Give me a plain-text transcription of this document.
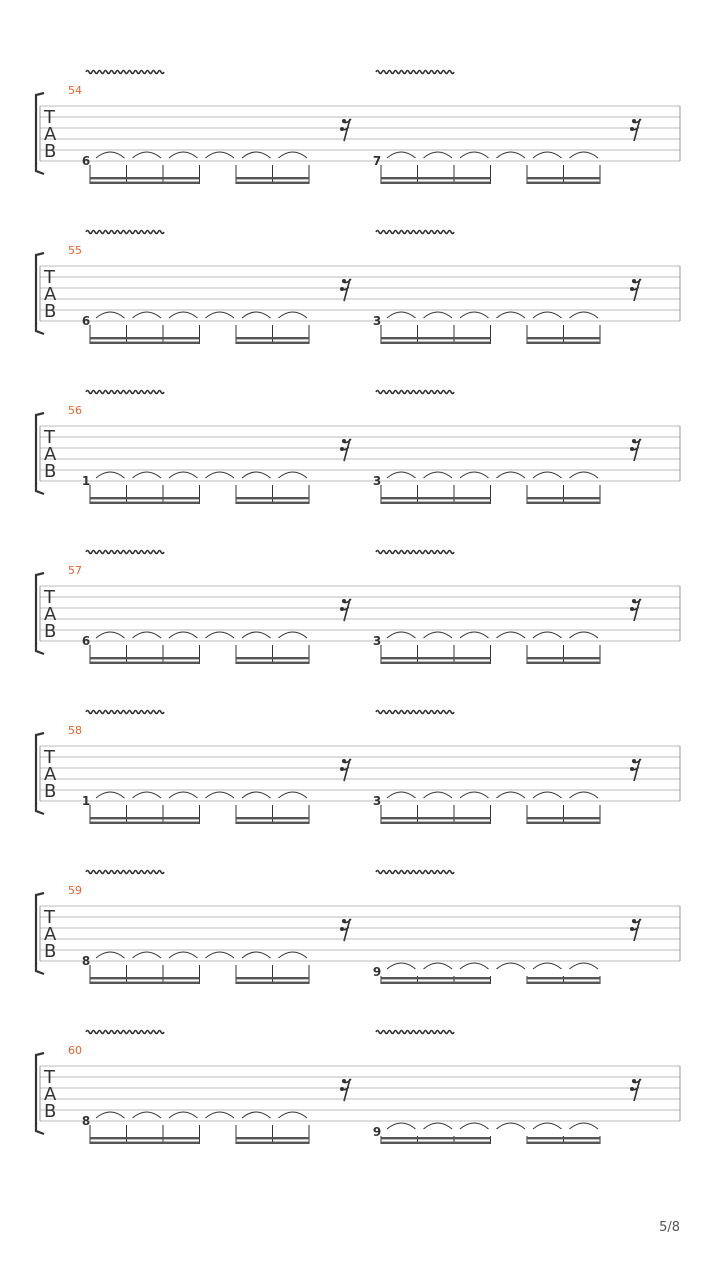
54
T
A
B 6	7
55
T
A
B 6	3
56
T
A
B 1	3
57
T
A
B 6	3
58
T
A
B 1	3
59
T
A
B 8
9
60
T
A
B 8
9
5/8
